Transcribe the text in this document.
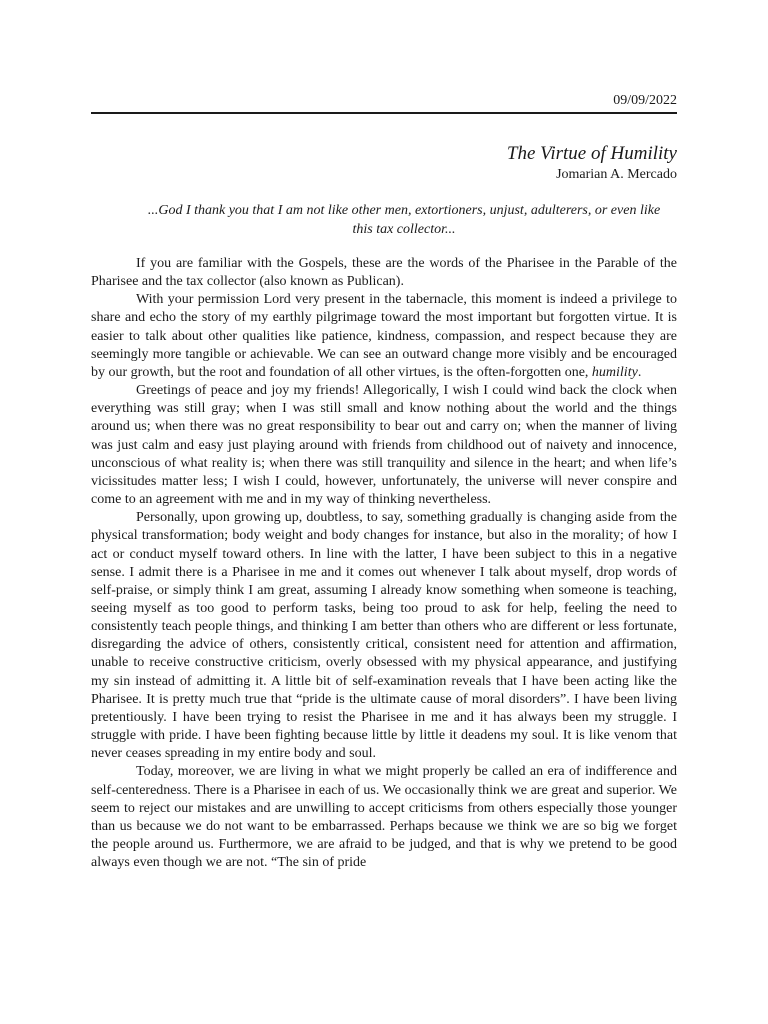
09/09/2022
The Virtue of Humility
Jomarian A. Mercado
...God I thank you that I am not like other men, extortioners, unjust, adulterers, or even like this tax collector...

If you are familiar with the Gospels, these are the words of the Pharisee in the Parable of the Pharisee and the tax collector (also known as Publican).

With your permission Lord very present in the tabernacle, this moment is indeed a privilege to share and echo the story of my earthly pilgrimage toward the most important but forgotten virtue. It is easier to talk about other qualities like patience, kindness, compassion, and respect because they are seemingly more tangible or achievable. We can see an outward change more visibly and be encouraged by our growth, but the root and foundation of all other virtues, is the often-forgotten one, humility.

Greetings of peace and joy my friends! Allegorically, I wish I could wind back the clock when everything was still gray; when I was still small and know nothing about the world and the things around us; when there was no great responsibility to bear out and carry on; when the manner of living was just calm and easy just playing around with friends from childhood out of naivety and innocence, unconscious of what reality is; when there was still tranquility and silence in the heart; and when life’s vicissitudes matter less; I wish I could, however, unfortunately, the universe will never conspire and come to an agreement with me and in my way of thinking nevertheless.

Personally, upon growing up, doubtless, to say, something gradually is changing aside from the physical transformation; body weight and body changes for instance, but also in the morality; of how I act or conduct myself toward others. In line with the latter, I have been subject to this in a negative sense. I admit there is a Pharisee in me and it comes out whenever I talk about myself, drop words of self-praise, or simply think I am great, assuming I already know something when someone is teaching, seeing myself as too good to perform tasks, being too proud to ask for help, feeling the need to consistently teach people things, and thinking I am better than others who are different or less fortunate, disregarding the advice of others, consistently critical, consistent need for attention and affirmation, unable to receive constructive criticism, overly obsessed with my physical appearance, and justifying my sin instead of admitting it. A little bit of self-examination reveals that I have been acting like the Pharisee. It is pretty much true that “pride is the ultimate cause of moral disorders”. I have been living pretentiously. I have been trying to resist the Pharisee in me and it has always been my struggle. I struggle with pride. I have been fighting because little by little it deadens my soul. It is like venom that never ceases spreading in my entire body and soul.

Today, moreover, we are living in what we might properly be called an era of indifference and self-centeredness. There is a Pharisee in each of us. We occasionally think we are great and superior. We seem to reject our mistakes and are unwilling to accept criticisms from others especially those younger than us because we do not want to be embarrassed. Perhaps because we think we are so big we forget the people around us. Furthermore, we are afraid to be judged, and that is why we pretend to be good always even though we are not. “The sin of pride
